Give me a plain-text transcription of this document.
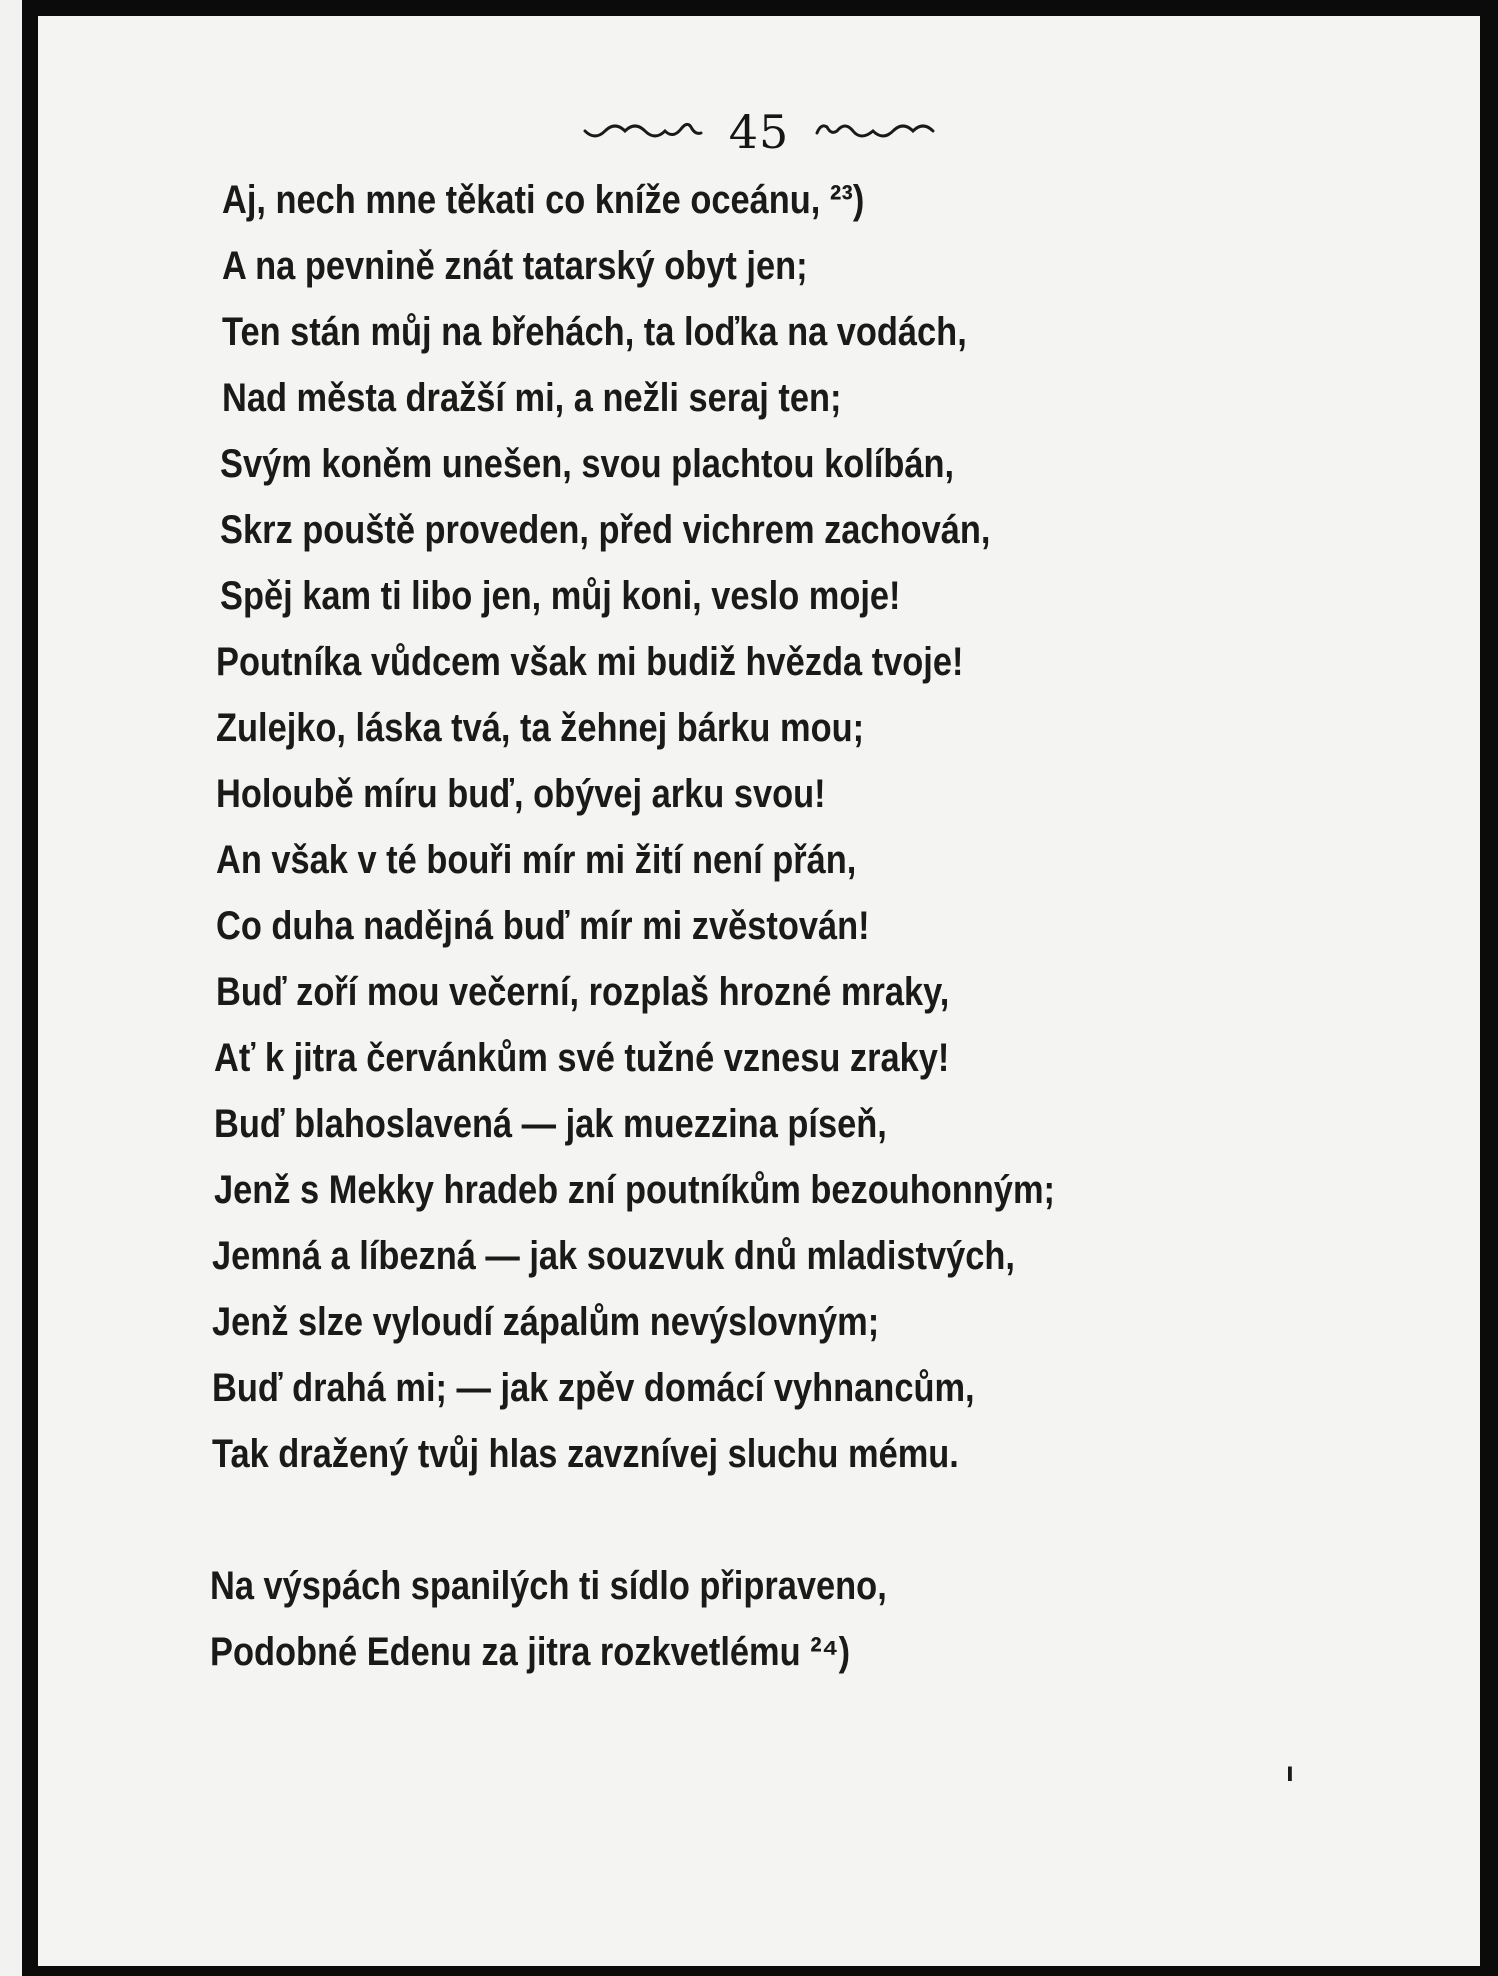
45
Aj, nech mne těkati co kníže oceánu, ²³)
A na pevnině znát tatarský obyt jen;
Ten stán můj na břehách, ta loďka na vodách,
Nad města dražší mi, a nežli seraj ten;
Svým koněm unešen, svou plachtou kolíbán,
Skrz pouště proveden, před vichrem zachován,
Spěj kam ti libo jen, můj koni, veslo moje!
Poutníka vůdcem však mi budiž hvězda tvoje!
Zulejko, láska tvá, ta žehnej bárku mou;
Holoubě míru buď, obývej arku svou!
An však v té bouři mír mi žití není přán,
Co duha nadějná buď mír mi zvěstován!
Buď zoří mou večerní, rozplaš hrozné mraky,
Ať k jitra červánkům své tužné vznesu zraky!
Buď blahoslavená — jak muezzina píseň,
Jenž s Mekky hradeb zní poutníkům bezouhonným;
Jemná a líbezná — jak souzvuk dnů mladistvých,
Jenž slze vyloudí zápalům nevýslovným;
Buď drahá mi; — jak zpěv domácí vyhnancům,
Tak dražený tvůj hlas zavznívej sluchu mému.
Na výspách spanilých ti sídlo připraveno,
Podobné Edenu za jitra rozkvetlému ²⁴)
ı
